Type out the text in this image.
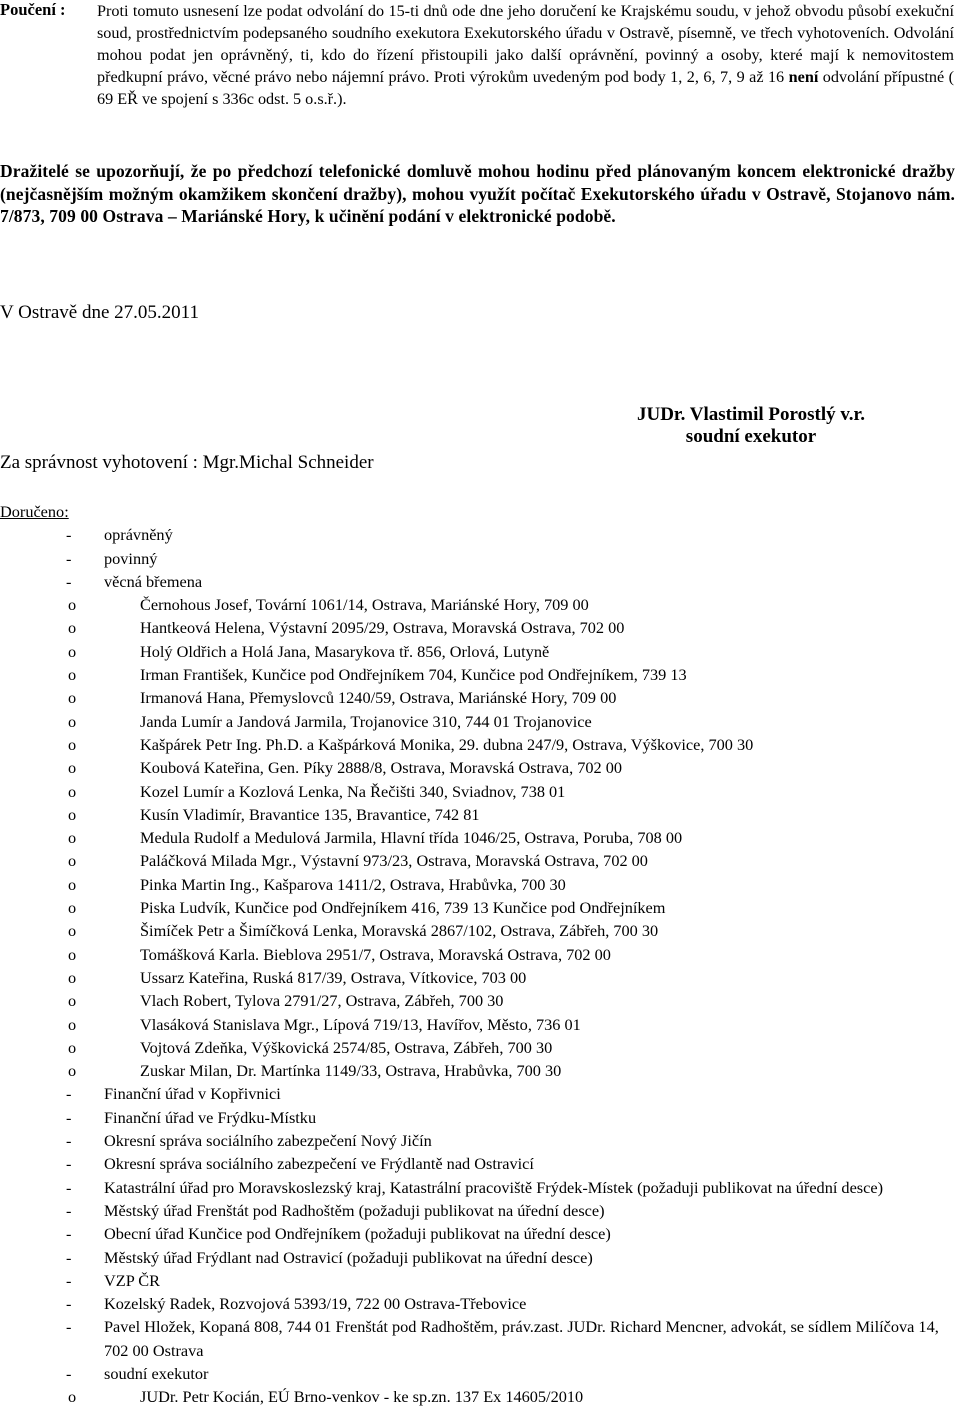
Poučení : Proti tomuto usnesení lze podat odvolání do 15-ti dnů ode dne jeho doručení ke Krajskému soudu, v jehož obvodu působí exekuční soud, prostřednictvím podepsaného soudního exekutora Exekutorského úřadu v Ostravě, písemně, ve třech vyhotoveních. Odvolání mohou podat jen oprávněný, ti, kdo do řízení přistoupili jako další oprávnění, povinný a osoby, které mají k nemovitostem předkupní právo, věcné právo nebo nájemní právo. Proti výrokům uvedeným pod body 1, 2, 6, 7, 9 až 16 není odvolání přípustné ( 69 EŘ ve spojení s 336c odst. 5 o.s.ř.).
Dražitelé se upozorňují, že po předchozí telefonické domluvě mohou hodinu před plánovaným koncem elektronické dražby (nejčasnějším možným okamžikem skončení dražby), mohou využít počítač Exekutorského úřadu v Ostravě, Stojanovo nám. 7/873, 709 00 Ostrava – Mariánské Hory, k učinění podání v elektronické podobě.
V Ostravě dne 27.05.2011
JUDr. Vlastimil Porostlý v.r.
soudní exekutor
Za správnost vyhotovení : Mgr.Michal Schneider
Doručeno:
- oprávněný
- povinný
- věcná břemena
o	Černohous Josef, Tovární 1061/14, Ostrava, Mariánské Hory, 709 00
o	Hantkeová Helena, Výstavní 2095/29, Ostrava, Moravská Ostrava, 702 00
o	Holý Oldřich a Holá Jana, Masarykova tř. 856, Orlová, Lutyně
o	Irman František, Kunčice pod Ondřejníkem 704, Kunčice pod Ondřejníkem, 739 13
o	Irmanová Hana, Přemyslovců 1240/59, Ostrava, Mariánské Hory, 709 00
o	Janda Lumír a Jandová Jarmila, Trojanovice 310, 744 01 Trojanovice
o	Kašpárek Petr Ing. Ph.D. a Kašpárková Monika, 29. dubna 247/9, Ostrava, Výškovice, 700 30
o	Koubová Kateřina, Gen. Píky 2888/8, Ostrava, Moravská Ostrava, 702 00
o	Kozel Lumír a Kozlová Lenka, Na Řečišti 340, Sviadnov, 738 01
o	Kusín Vladimír, Bravantice 135, Bravantice, 742 81
o	Medula Rudolf a Medulová Jarmila, Hlavní třída 1046/25, Ostrava, Poruba, 708 00
o	Paláčková Milada Mgr., Výstavní 973/23, Ostrava, Moravská Ostrava, 702 00
o	Pinka Martin Ing., Kašparova 1411/2, Ostrava, Hrabůvka, 700 30
o	Piska Ludvík, Kunčice pod Ondřejníkem 416, 739 13 Kunčice pod Ondřejníkem
o	Šimíček Petr a Šimíčková Lenka, Moravská 2867/102, Ostrava, Zábřeh, 700 30
o	Tomášková Karla. Bieblova 2951/7, Ostrava, Moravská Ostrava, 702 00
o	Ussarz Kateřina, Ruská 817/39, Ostrava, Vítkovice, 703 00
o	Vlach Robert, Tylova 2791/27, Ostrava, Zábřeh, 700 30
o	Vlasáková Stanislava Mgr., Lípová 719/13, Havířov, Město, 736 01
o	Vojtová Zdeňka, Výškovická 2574/85, Ostrava, Zábřeh, 700 30
o	Zuskar Milan, Dr. Martínka 1149/33, Ostrava, Hrabůvka, 700 30
- Finanční úřad v Kopřivnici
- Finanční úřad ve Frýdku-Místku
- Okresní správa sociálního zabezpečení Nový Jičín
- Okresní správa sociálního zabezpečení ve Frýdlantě nad Ostravicí
- Katastrální úřad pro Moravskoslezský kraj, Katastrální pracoviště Frýdek-Místek (požaduji publikovat na úřední desce)
- Městský úřad Frenštát pod Radhoštěm (požaduji publikovat na úřední desce)
- Obecní úřad Kunčice pod Ondřejníkem (požaduji publikovat na úřední desce)
- Městský úřad Frýdlant nad Ostravicí (požaduji publikovat na úřední desce)
- VZP ČR
- Kozelský Radek, Rozvojová 5393/19, 722 00 Ostrava-Třebovice
- Pavel Hložek, Kopaná 808, 744 01 Frenštát pod Radhoštěm, práv.zast. JUDr. Richard Mencner, advokát, se sídlem Milíčova 14, 702 00 Ostrava
- soudní exekutor
o	JUDr. Petr Kocián, EÚ Brno-venkov - ke sp.zn. 137 Ex 14605/2010
